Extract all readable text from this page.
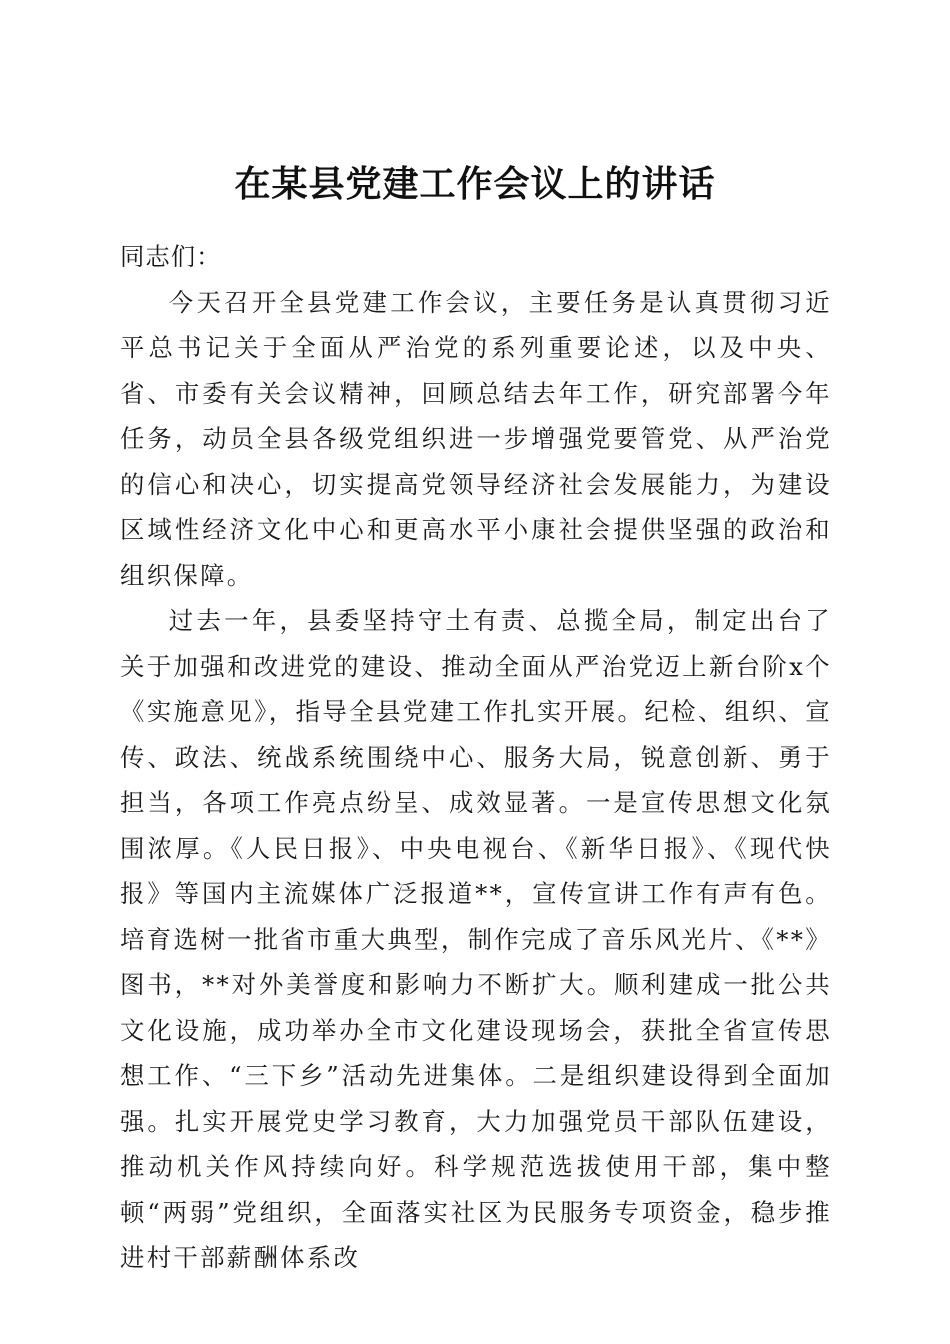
在某县党建工作会议上的讲话

同志们：

今天召开全县党建工作会议，主要任务是认真贯彻习近平总书记关于全面从严治党的系列重要论述，以及中央、省、市委有关会议精神，回顾总结去年工作，研究部署今年任务，动员全县各级党组织进一步增强党要管党、从严治党的信心和决心，切实提高党领导经济社会发展能力，为建设区域性经济文化中心和更高水平小康社会提供坚强的政治和组织保障。

过去一年，县委坚持守土有责、总揽全局，制定出台了关于加强和改进党的建设、推动全面从严治党迈上新台阶x个《实施意见》，指导全县党建工作扎实开展。纪检、组织、宣传、政法、统战系统围绕中心、服务大局，锐意创新、勇于担当，各项工作亮点纷呈、成效显著。一是宣传思想文化氛围浓厚。《人民日报》、中央电视台、《新华日报》、《现代快报》等国内主流媒体广泛报道**，宣传宣讲工作有声有色。培育选树一批省市重大典型，制作完成了音乐风光片、《**》图书，**对外美誉度和影响力不断扩大。顺利建成一批公共文化设施，成功举办全市文化建设现场会，获批全省宣传思想工作、“三下乡”活动先进集体。二是组织建设得到全面加强。扎实开展党史学习教育，大力加强党员干部队伍建设，推动机关作风持续向好。科学规范选拔使用干部，集中整顿“两弱”党组织，全面落实社区为民服务专项资金，稳步推进村干部薪酬体系改
